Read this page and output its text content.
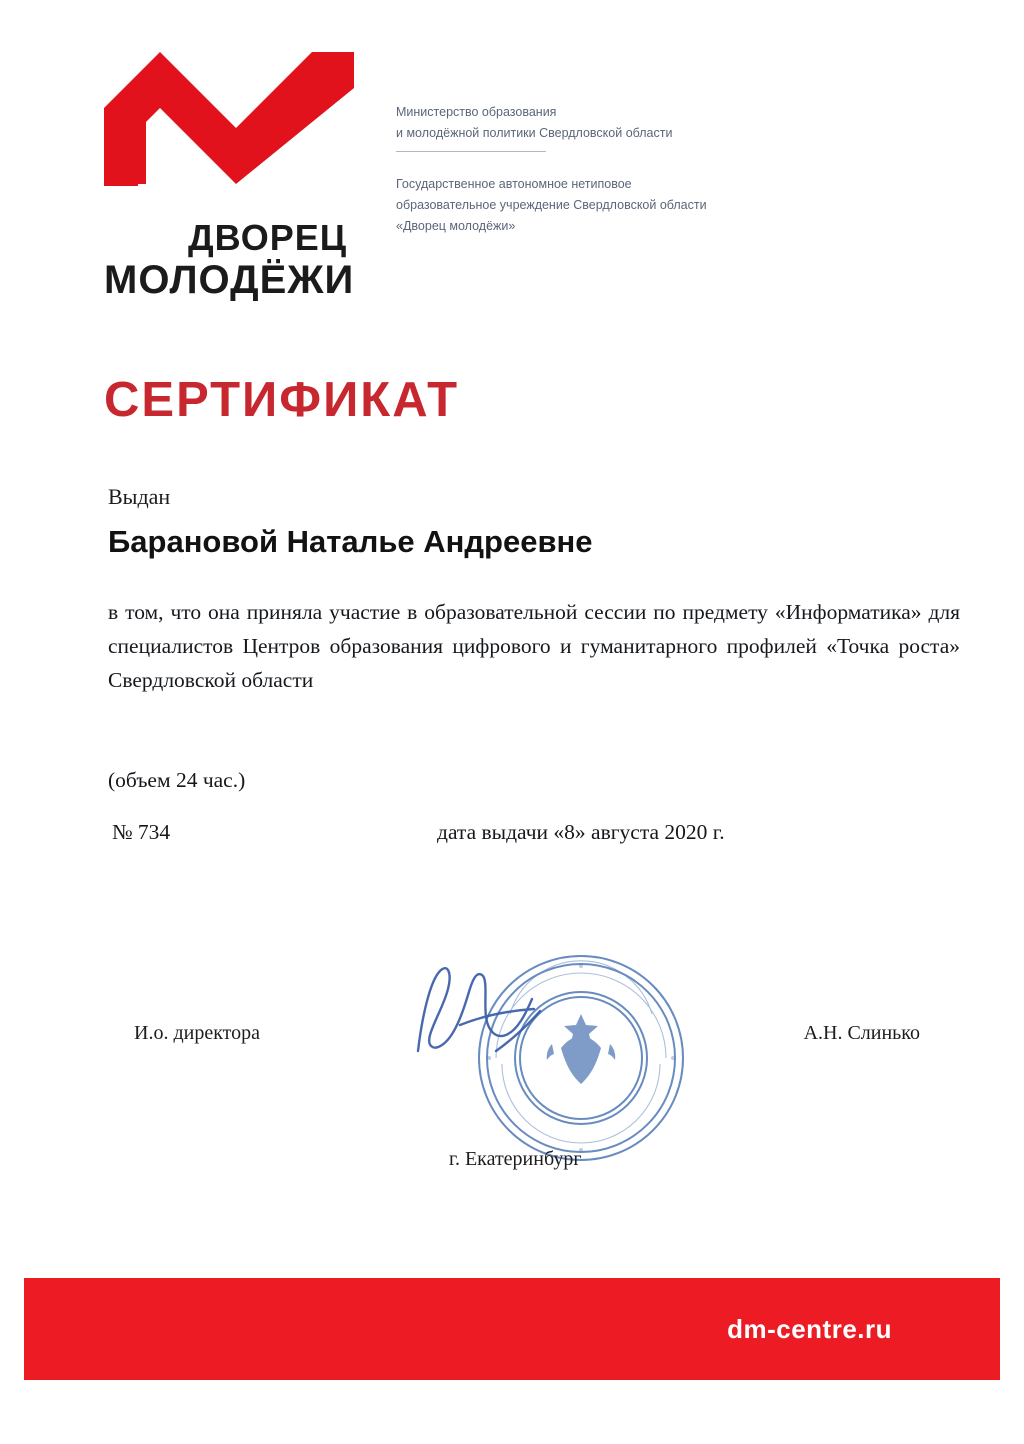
ДВОРЕЦ
МОЛОДЁЖИ
Министерство образования
и молодёжной политики Свердловской области
Государственное автономное нетиповое
образовательное учреждение Свердловской области
«Дворец молодёжи»
СЕРТИФИКАТ
Выдан
Барановой Наталье Андреевне
в том, что она приняла участие в образовательной сессии по предмету «Информатика» для специалистов Центров образования цифрового и гуманитарного профилей «Точка роста» Свердловской области
(объем 24 час.)
№ 734	дата выдачи «8» августа 2020 г.
И.о. директора	А.Н. Слинько
г. Екатеринбург
dm-centre.ru
